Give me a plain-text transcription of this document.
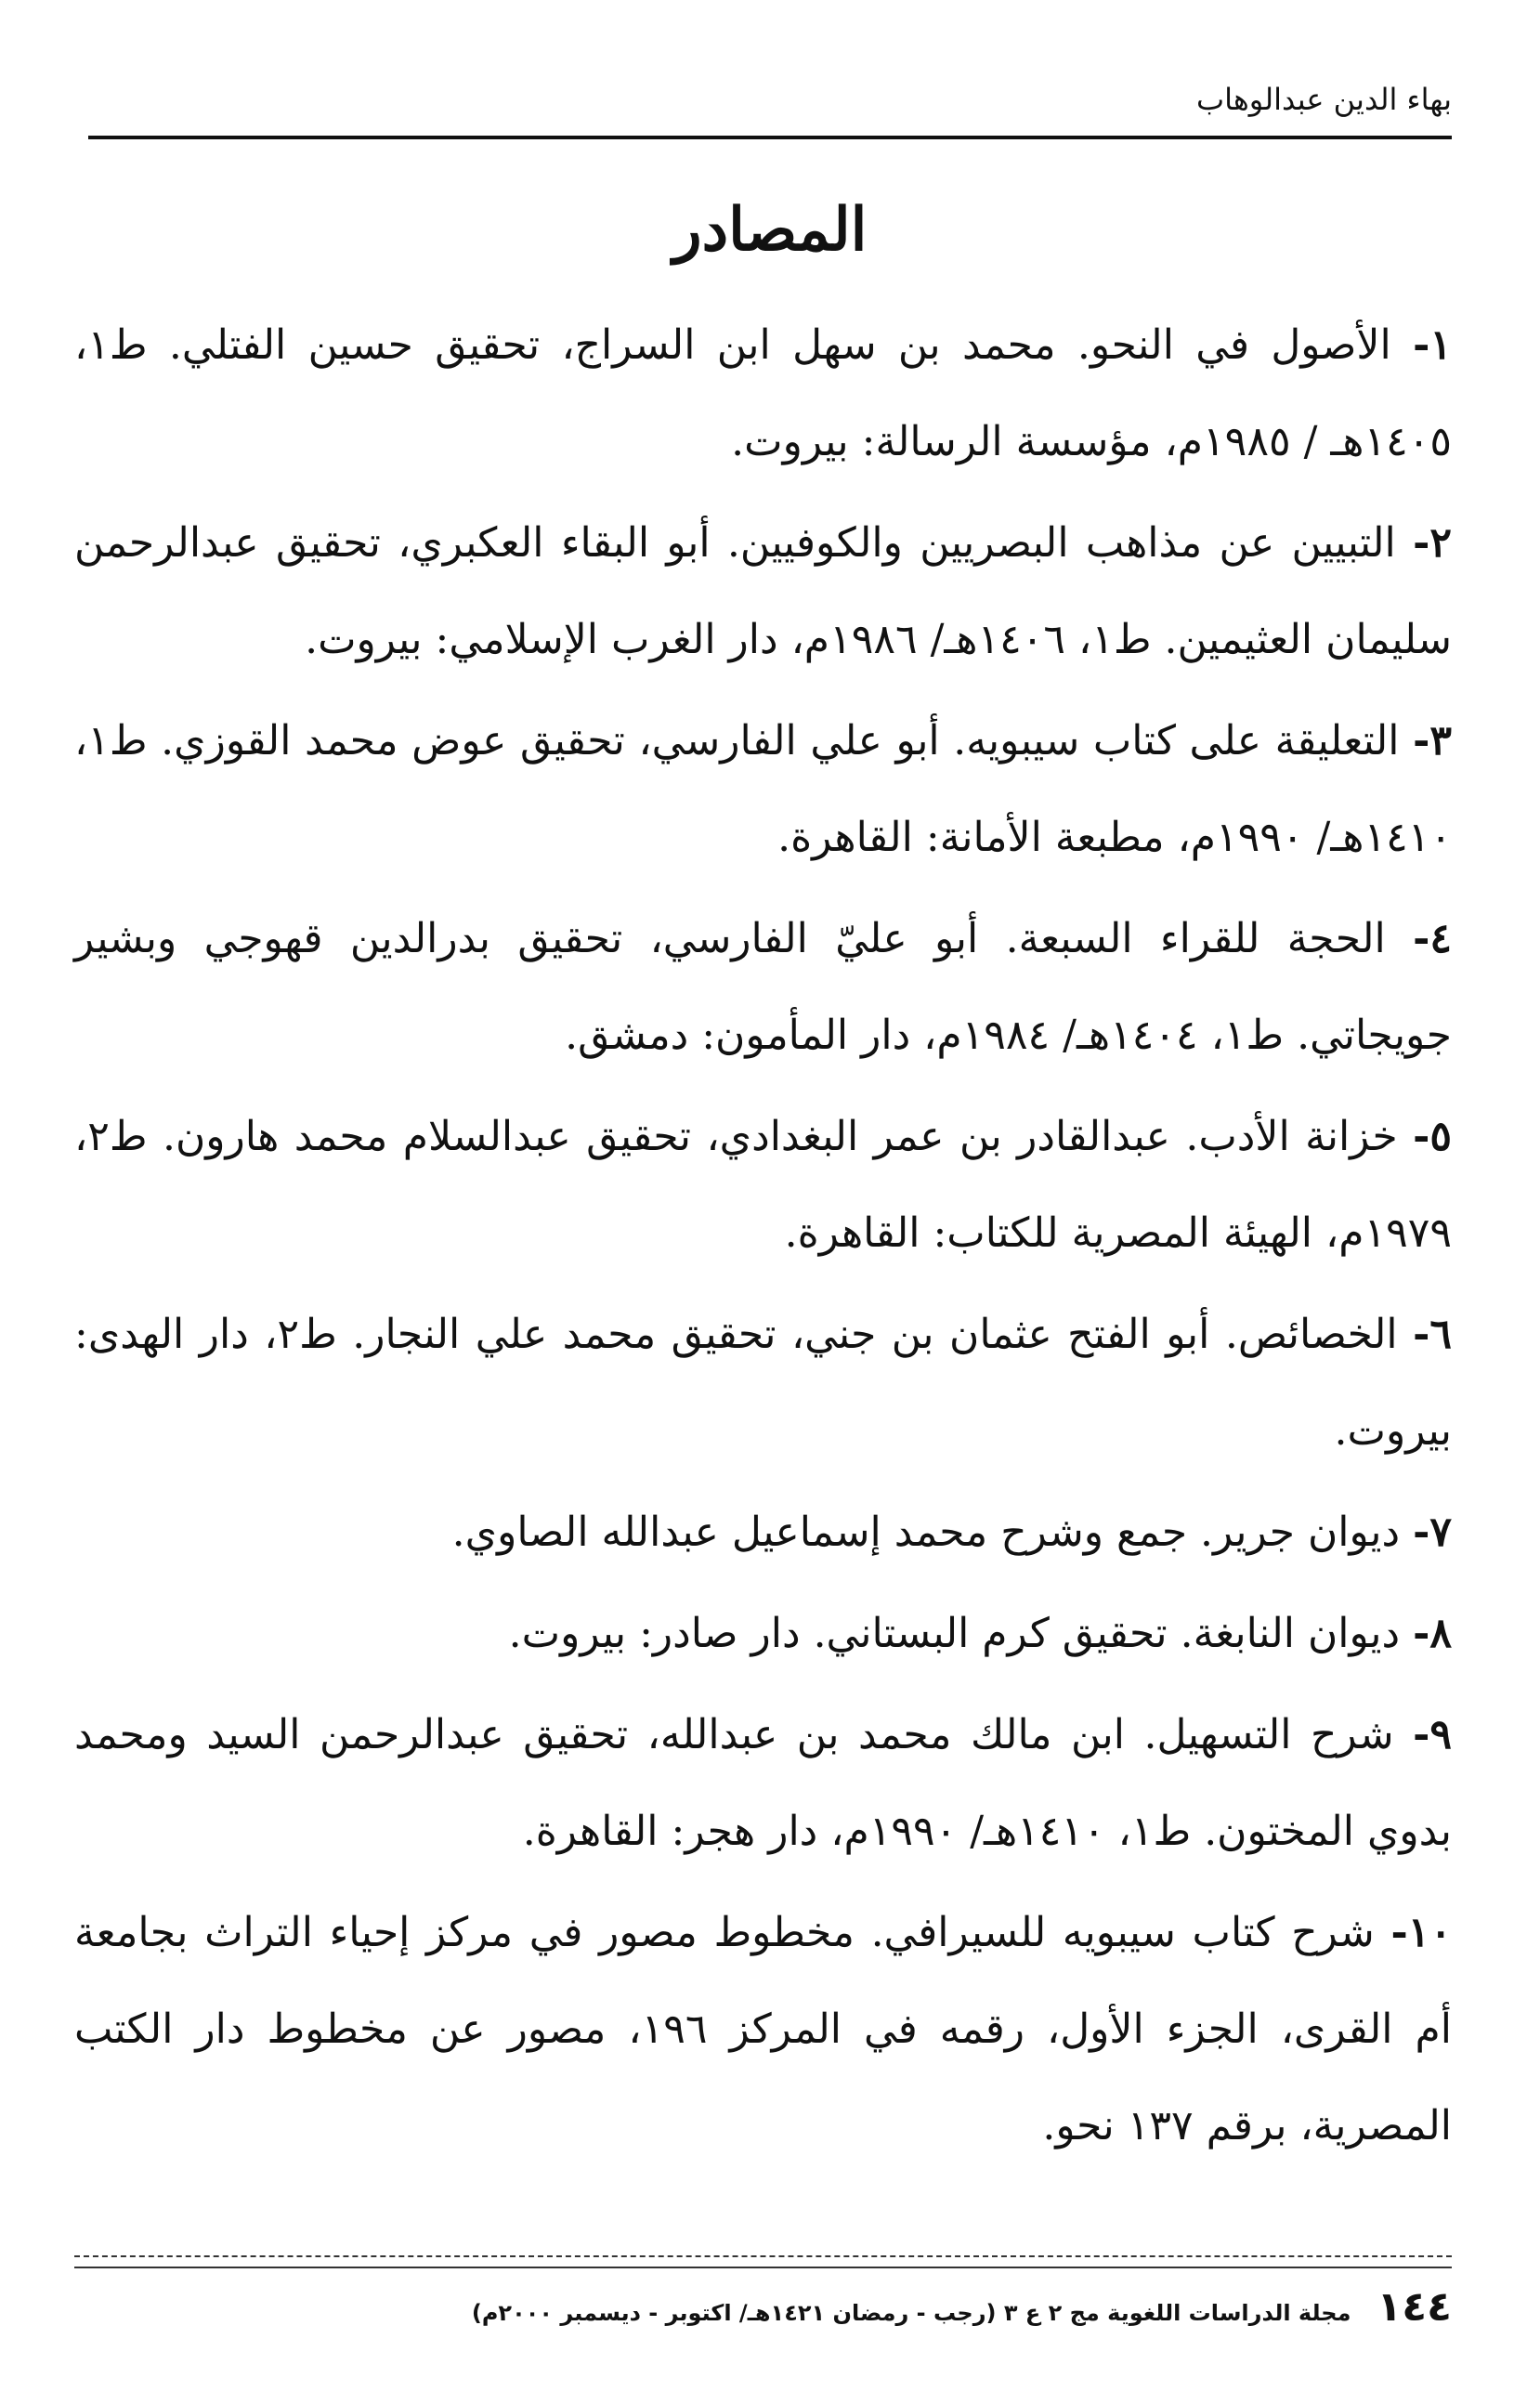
بهاء الدين عبدالوهاب
المصادر
١- الأصول في النحو. محمد بن سهل ابن السراج، تحقيق حسين الفتلي. ط١، ١٤٠٥هـ / ١٩٨٥م، مؤسسة الرسالة: بيروت.
٢- التبيين عن مذاهب البصريين والكوفيين. أبو البقاء العكبري، تحقيق عبدالرحمن سليمان العثيمين. ط١، ١٤٠٦هـ/ ١٩٨٦م، دار الغرب الإسلامي: بيروت.
٣- التعليقة على كتاب سيبويه. أبو علي الفارسي، تحقيق عوض محمد القوزي. ط١، ١٤١٠هـ/ ١٩٩٠م، مطبعة الأمانة: القاهرة.
٤- الحجة للقراء السبعة. أبو عليّ الفارسي، تحقيق بدرالدين قهوجي وبشير جويجاتي. ط١، ١٤٠٤هـ/ ١٩٨٤م، دار المأمون: دمشق.
٥- خزانة الأدب. عبدالقادر بن عمر البغدادي، تحقيق عبدالسلام محمد هارون. ط٢، ١٩٧٩م، الهيئة المصرية للكتاب: القاهرة.
٦- الخصائص. أبو الفتح عثمان بن جني، تحقيق محمد علي النجار. ط٢، دار الهدى: بيروت.
٧- ديوان جرير. جمع وشرح محمد إسماعيل عبدالله الصاوي.
٨- ديوان النابغة. تحقيق كرم البستاني. دار صادر: بيروت.
٩- شرح التسهيل. ابن مالك محمد بن عبدالله، تحقيق عبدالرحمن السيد ومحمد بدوي المختون. ط١، ١٤١٠هـ/ ١٩٩٠م، دار هجر: القاهرة.
١٠- شرح كتاب سيبويه للسيرافي. مخطوط مصور في مركز إحياء التراث بجامعة أم القرى، الجزء الأول، رقمه في المركز ١٩٦، مصور عن مخطوط دار الكتب المصرية، برقم ١٣٧ نحو.
١٤٤
مجلة الدراسات اللغوية مج ٢ ع ٣ (رجب - رمضان ١٤٢١هـ/ اكتوبر - ديسمبر ٢٠٠٠م)
